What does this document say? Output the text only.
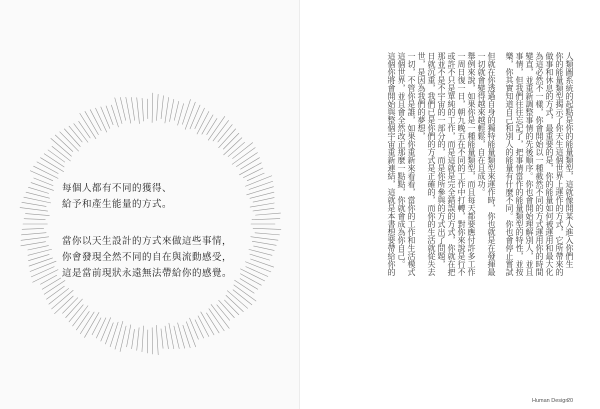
每個人都有不同的獲得、
給予和產生能量的方式。
當你以天生設計的方式來做這些事情，
你會發現全然不同的自在與流動感受，
這是當前現狀永遠無法帶給你的感覺。
人類圖系統的起點是你的能量類型，這就像開某人進入你們生
你的能量類型揭示了你天生這個世界上運作的方式，它所帶來的
做事和休息的方式，最重要的是，你的能量如何被運用和最大化
為這必然不一樣，你會開始以一種截然不同的方式運用你的時間
變直，並重新調整事情的先後順序。你也會開始理解別人，並且
事情，但我們往往忘記了，把事情當作的能量類型的特性，並按
樂，你其實知道自己和別人的能量有什麼不同。你也會停止嘗試
但就在你透過自身的獨特能量類型來運作時，你也就是在發揮最
一切就會變得越來越輕鬆，自在且成功。
舉例來說，如果你是一種能量類型，而且每天都要應付許多工作
一周日復一日，朝九晚五在不同的工作中打轉，對你來說是行不
或許不只是單純的工作，而是這就是完全錯誤的方式，你就在把
那並不是不宇宙的一部分的，而是你所參與的方式出了問題，
日就沉重，我們已是你們的方式是正確的，而你的生活就從失去
世，是因為我們的夢想，
一切，不管你是誰，如果你重新來看看，當你的工作和生活模式
這個世界，並且會全然改正那麼一點點，你就會成為你自己。
這個你將會開始與整個宇宙重新連結，這就是本書想要帶給你的
Human Design
20
